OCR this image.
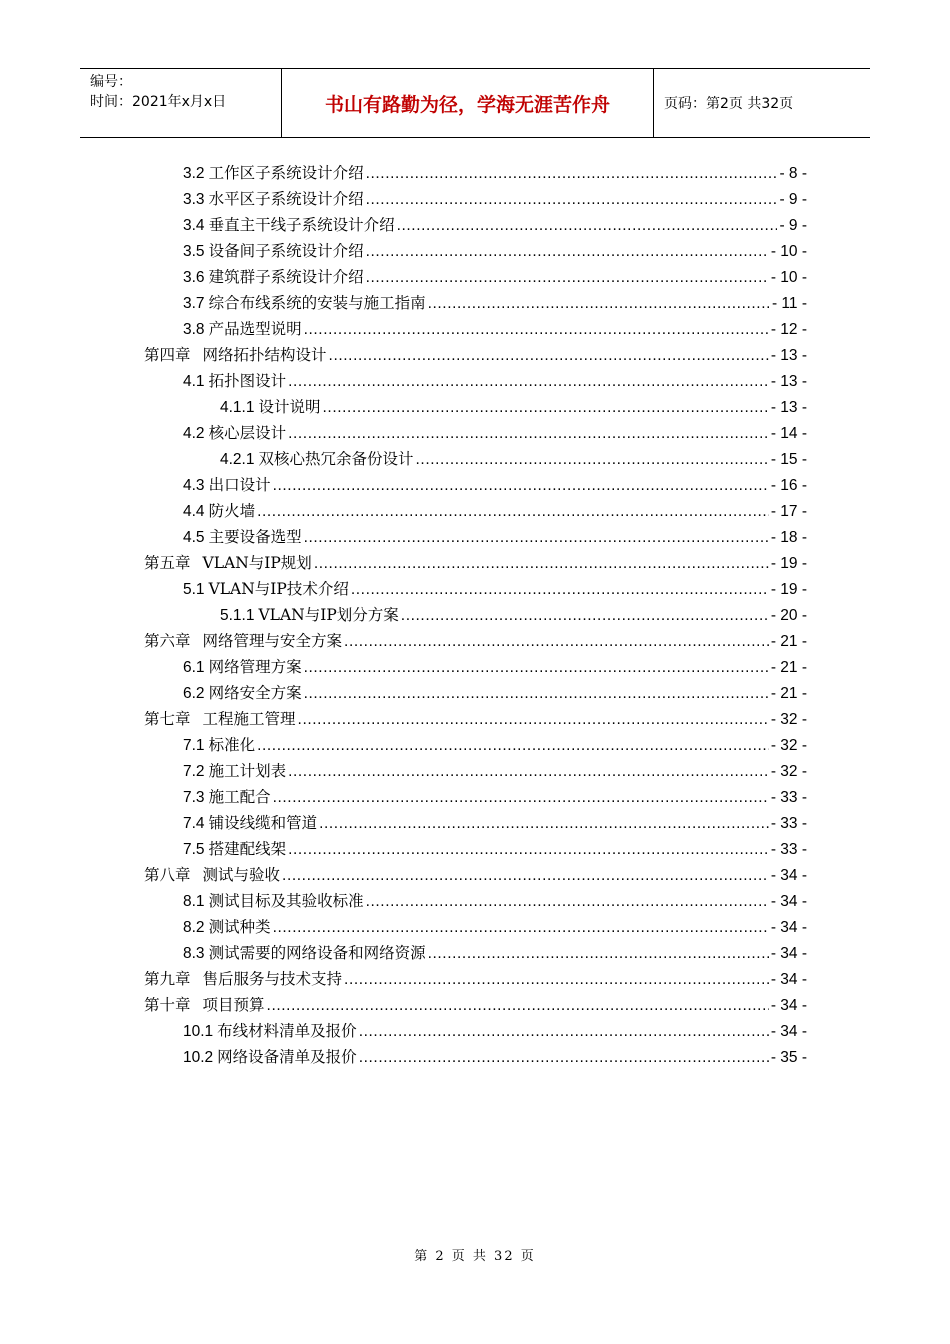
编号：
时间：2021年x月x日	书山有路勤为径，学海无涯苦作舟	页码：第2页 共32页
3.2 工作区子系统设计介绍 .....	- 8 -
3.3 水平区子系统设计介绍 .....	- 9 -
3.4 垂直主干线子系统设计介绍 .....	- 9 -
3.5 设备间子系统设计介绍 .....	- 10 -
3.6 建筑群子系统设计介绍 .....	- 10 -
3.7 综合布线系统的安装与施工指南 .....	- 11 -
3.8 产品选型说明 .....	- 12 -
第四章 网络拓扑结构设计 .....	- 13 -
4.1 拓扑图设计 .....	- 13 -
4.1.1 设计说明 .....	- 13 -
4.2 核心层设计 .....	- 14 -
4.2.1 双核心热冗余备份设计 .....	- 15 -
4.3 出口设计 .....	- 16 -
4.4 防火墙 .....	- 17 -
4.5 主要设备选型 .....	- 18 -
第五章 VLAN与IP规划 .....	- 19 -
5.1 VLAN与IP技术介绍 .....	- 19 -
5.1.1 VLAN与IP划分方案 .....	- 20 -
第六章 网络管理与安全方案 .....	- 21 -
6.1 网络管理方案 .....	- 21 -
6.2 网络安全方案 .....	- 21 -
第七章 工程施工管理 .....	- 32 -
7.1 标准化 .....	- 32 -
7.2 施工计划表 .....	- 32 -
7.3 施工配合 .....	- 33 -
7.4 铺设线缆和管道 .....	- 33 -
7.5 搭建配线架 .....	- 33 -
第八章 测试与验收 .....	- 34 -
8.1 测试目标及其验收标准 .....	- 34 -
8.2 测试种类 .....	- 34 -
8.3 测试需要的网络设备和网络资源 .....	- 34 -
第九章 售后服务与技术支持 .....	- 34 -
第十章 项目预算 .....	- 34 -
10.1 布线材料清单及报价 .....	- 34 -
10.2 网络设备清单及报价 .....	- 35 -
第 2 页 共 32 页
